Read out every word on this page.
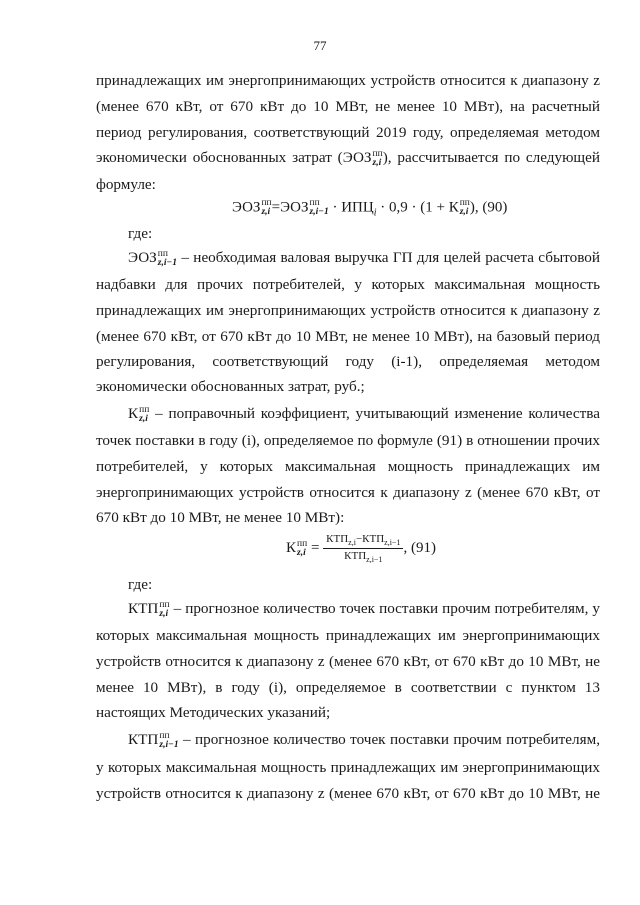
77
принадлежащих им энергопринимающих устройств относится к диапазону z
(менее 670 кВт, от 670 кВт до 10 МВт, не менее 10 МВт), на расчетный
период регулирования, соответствующий 2019 году, определяемая методом
экономически обоснованных затрат (ЭОЗ пп
z,i ), рассчитывается по следующей
формуле:
ЭОЗ пп
z,i =ЭОЗ пп
$z,i-1 \cdot ИПЦ_i \cdot 0,9 \cdot (1 + К$ пп
z,i ), (90)
где:
ЭОЗ пп
z,i−1 – необходимая валовая выручка ГП для целей расчета сбытовой
надбавки для прочих потребителей, у которых максимальная мощность
принадлежащих им энергопринимающих устройств относится к диапазону z
(менее 670 кВт, от 670 кВт до 10 МВт, не менее 10 МВт), на базовый период
регулирования, соответствующий году (i-1), определяемая методом
экономически обоснованных затрат, руб.;
К пп
z,i – поправочный коэффициент, учитывающий изменение количества
точек поставки в году (i), определяемое по формуле (91) в отношении прочих
потребителей, у которых максимальная мощность принадлежащих им
энергопринимающих устройств относится к диапазону z (менее 670 кВт, от
670 кВт до 10 МВт, не менее 10 МВт):
К пп
$z,i = \frac{КТП_{z,i}-КТП_{z,i-1}}{КТП_{z,i-1}}$ , (91)
где:
КТП пп
z,i – прогнозное количество точек поставки прочим потребителям, у
которых максимальная мощность принадлежащих им энергопринимающих
устройств относится к диапазону z (менее 670 кВт, от 670 кВт до 10 МВт, не
менее 10 МВт), в году (i), определяемое в соответствии с пунктом 13
настоящих Методических указаний;
КТП пп
z,i−1 – прогнозное количество точек поставки прочим потребителям,
у которых максимальная мощность принадлежащих им энергопринимающих
устройств относится к диапазону z (менее 670 кВт, от 670 кВт до 10 МВт, не
